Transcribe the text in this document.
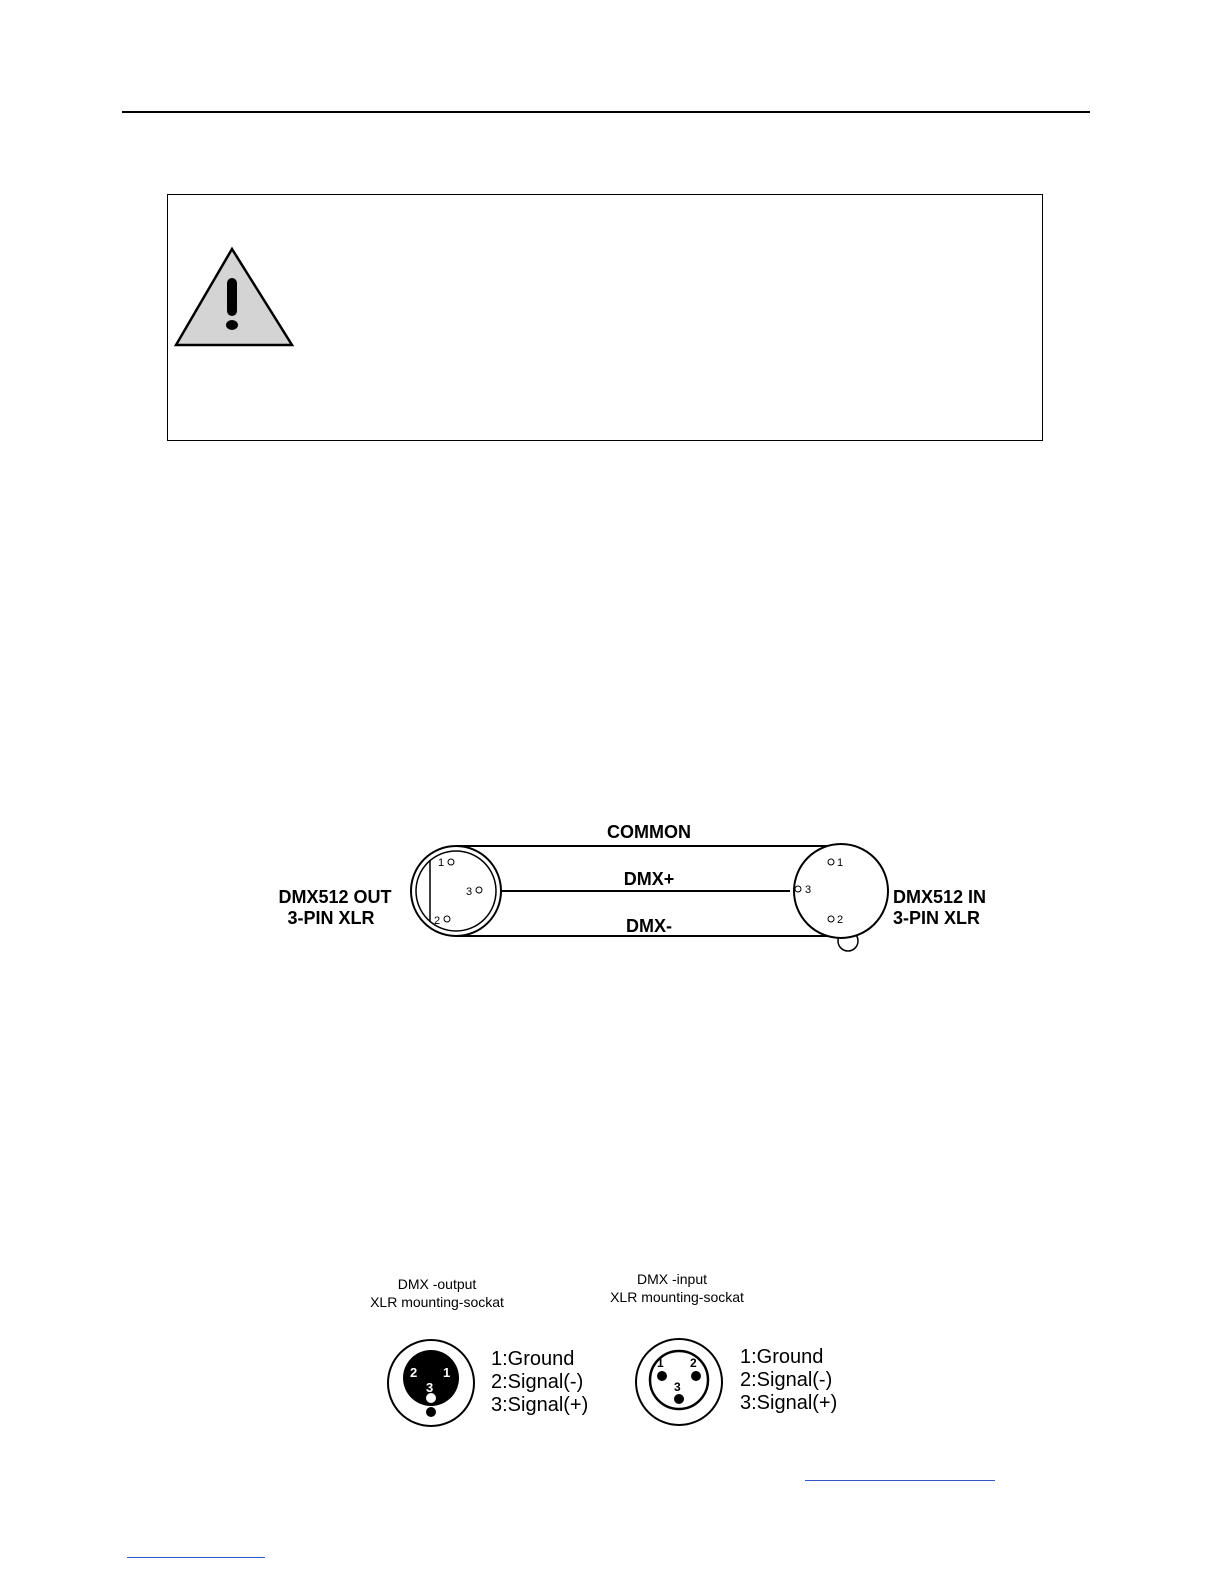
1
3
2
1
3
2
COMMON
DMX+
DMX-
DMX512 OUT
3-PIN XLR
DMX512 IN
3-PIN XLR
DMX -output
XLR mounting-sockat
2 1
3
1:Ground
2:Signal(-)
3:Signal(+)
DMX -input
XLR mounting-sockat
1 2
3
1:Ground
2:Signal(-)
3:Signal(+)
